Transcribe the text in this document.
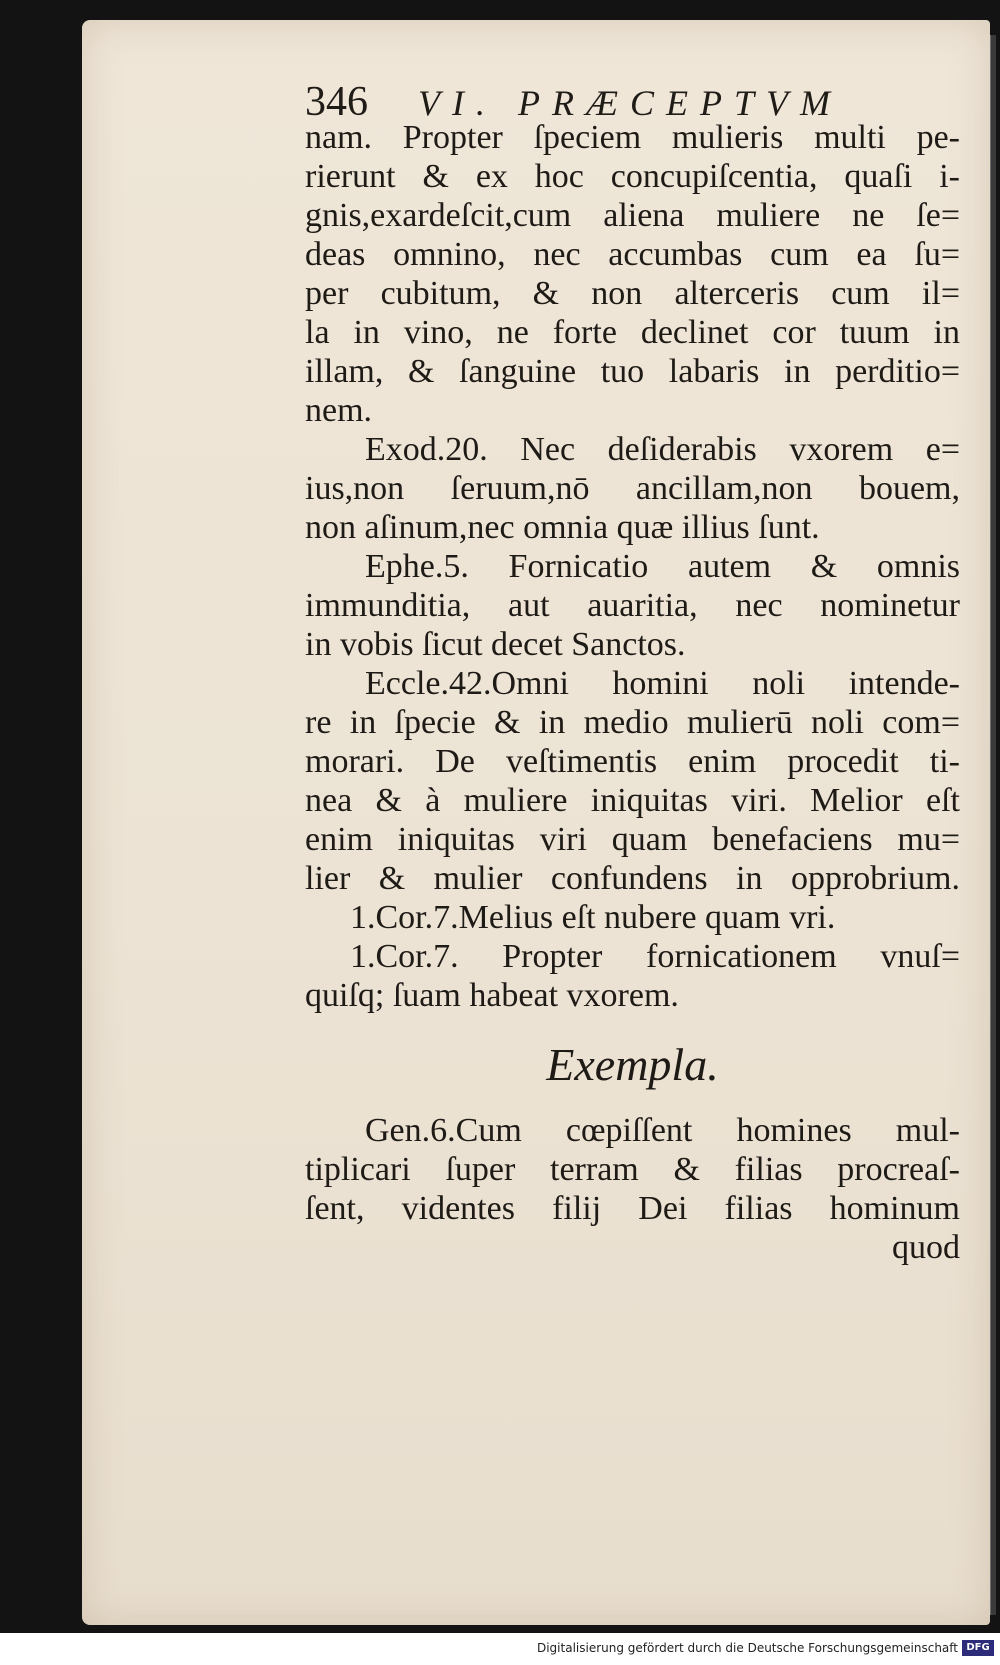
346 VI. PRÆCEPTVM
nam. Propter ſpeciem mulieris multi pe-
rierunt & ex hoc concupiſcentia, quaſi i-
gnis,exardeſcit,cum aliena muliere ne ſe=
deas omnino, nec accumbas cum ea ſu=
per cubitum, & non alterceris cum il=
la in vino, ne forte declinet cor tuum in
illam, & ſanguine tuo labaris in perditio=
nem.
Exod.20. Nec deſiderabis vxorem e=
ius,non ſeruum,nō ancillam,non bouem,
non aſinum,nec omnia quæ illius ſunt.
Ephe.5. Fornicatio autem & omnis
immunditia, aut auaritia, nec nominetur
in vobis ſicut decet Sanctos.
Eccle.42.Omni homini noli intende-
re in ſpecie & in medio mulierū noli com=
morari. De veſtimentis enim procedit ti-
nea & à muliere iniquitas viri. Melior eſt
enim iniquitas viri quam benefaciens mu=
lier & mulier confundens in opprobrium.
1.Cor.7.Melius eſt nubere quam vri.
1.Cor.7. Propter fornicationem vnuſ=
quiſq; ſuam habeat vxorem.
Exempla.
Gen.6.Cum cœpiſſent homines mul-
tiplicari ſuper terram & filias procreaſ-
ſent, videntes filij Dei filias hominum
quod
Digitalisierung gefördert durch die Deutsche Forschungsgemeinschaft DFG
